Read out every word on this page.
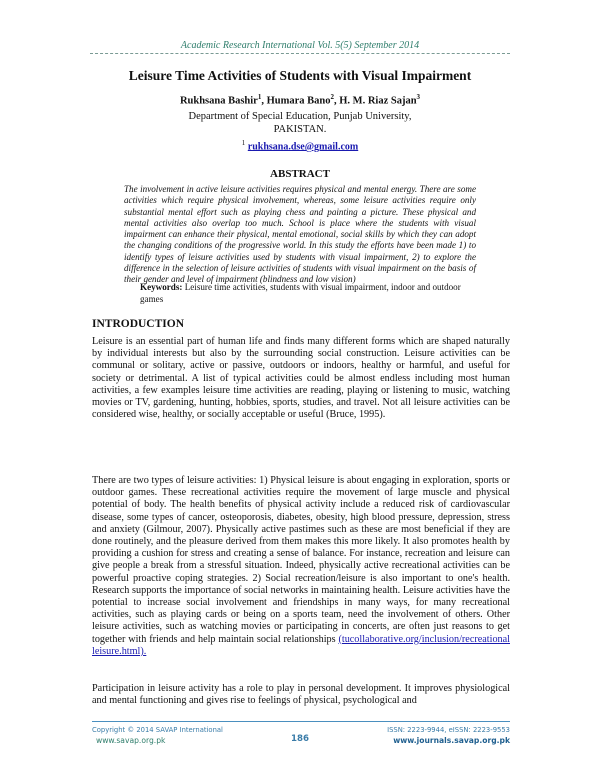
Academic Research International Vol. 5(5) September 2014
Leisure Time Activities of Students with Visual Impairment
Rukhsana Bashir$^1$, Humara Bano$^2$, H. M. Riaz Sajan$^3$
Department of Special Education, Punjab University,
PAKISTAN.
$^1$ rukhsana.dse@gmail.com
ABSTRACT
The involvement in active leisure activities requires physical and mental energy. There are some activities which require physical involvement, whereas, some leisure activities require only substantial mental effort such as playing chess and painting a picture. These physical and mental activities also overlap too much. School is place where the students with visual impairment can enhance their physical, mental emotional, social skills by which they can adopt the changing conditions of the progressive world. In this study the efforts have been made 1) to identify types of leisure activities used by students with visual impairment, 2) to explore the difference in the selection of leisure activities of students with visual impairment on the basis of their gender and level of impairment (blindness and low vision)
Keywords: Leisure time activities, students with visual impairment, indoor and outdoor games
INTRODUCTION

Leisure is an essential part of human life and finds many different forms which are shaped naturally by individual interests but also by the surrounding social construction. Leisure activities can be communal or solitary, active or passive, outdoors or indoors, healthy or harmful, and useful for society or detrimental. A list of typical activities could be almost endless including most human activities, a few examples leisure time activities are reading, playing or listening to music, watching movies or TV, gardening, hunting, hobbies, sports, studies, and travel. Not all leisure activities can be considered wise, healthy, or socially acceptable or useful (Bruce, 1995).

There are two types of leisure activities: 1) Physical leisure is about engaging in exploration, sports or outdoor games. These recreational activities require the movement of large muscle and physical potential of body. The health benefits of physical activity include a reduced risk of cardiovascular disease, some types of cancer, osteoporosis, diabetes, obesity, high blood pressure, depression, stress and anxiety (Gilmour, 2007). Physically active pastimes such as these are most beneficial if they are done routinely, and the pleasure derived from them makes this more likely. It also promotes health by providing a cushion for stress and creating a sense of balance. For instance, recreation and leisure can give people a break from a stressful situation. Indeed, physically active recreational activities can be powerful proactive coping strategies. 2) Social recreation/leisure is also important to one's health. Research supports the importance of social networks in maintaining health. Leisure activities have the potential to increase social involvement and friendships in many ways, for many recreational activities, such as playing cards or being on a sports team, need the involvement of others. Other leisure activities, such as watching movies or participating in concerts, are often just reasons to get together with friends and help maintain social relationships (tucollaborative.org/inclusion/recreational leisure.html).

Participation in leisure activity has a role to play in personal development. It improves physiological and mental functioning and gives rise to feelings of physical, psychological and

Copyright © 2014 SAVAP International	ISSN: 2223-9944, eISSN: 2223-9553
www.savap.org.pk	186	www.journals.savap.org.pk
